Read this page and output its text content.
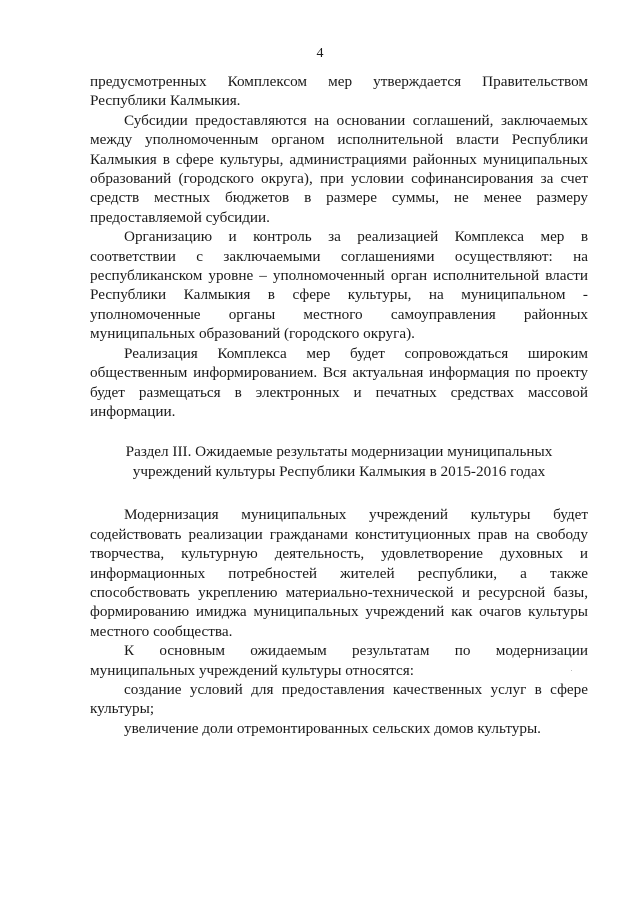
4

предусмотренных Комплексом мер утверждается Правительством Республики Калмыкия.

Субсидии предоставляются на основании соглашений, заключаемых между уполномоченным органом исполнительной власти Республики Калмыкия в сфере культуры, администрациями районных муниципальных образований (городского округа), при условии софинансирования за счет средств местных бюджетов в размере суммы, не менее размеру предоставляемой субсидии.

Организацию и контроль за реализацией Комплекса мер в соответствии с заключаемыми соглашениями осуществляют: на республиканском уровне – уполномоченный орган исполнительной власти Республики Калмыкия в сфере культуры, на муниципальном - уполномоченные органы местного самоуправления районных муниципальных образований (городского округа).

Реализация Комплекса мер будет сопровождаться широким общественным информированием. Вся актуальная информация по проекту будет размещаться в электронных и печатных средствах массовой информации.

Раздел III. Ожидаемые результаты модернизации муниципальных
учреждений культуры Республики Калмыкия в 2015-2016 годах

Модернизация муниципальных учреждений культуры будет содействовать реализации гражданами конституционных прав на свободу творчества, культурную деятельность, удовлетворение духовных и информационных потребностей жителей республики, а также способствовать укреплению материально-технической и ресурсной базы, формированию имиджа муниципальных учреждений как очагов культуры местного сообщества.

К основным ожидаемым результатам по модернизации муниципальных учреждений культуры относятся:

создание условий для предоставления качественных услуг в сфере культуры;

увеличение доли отремонтированных сельских домов культуры.
